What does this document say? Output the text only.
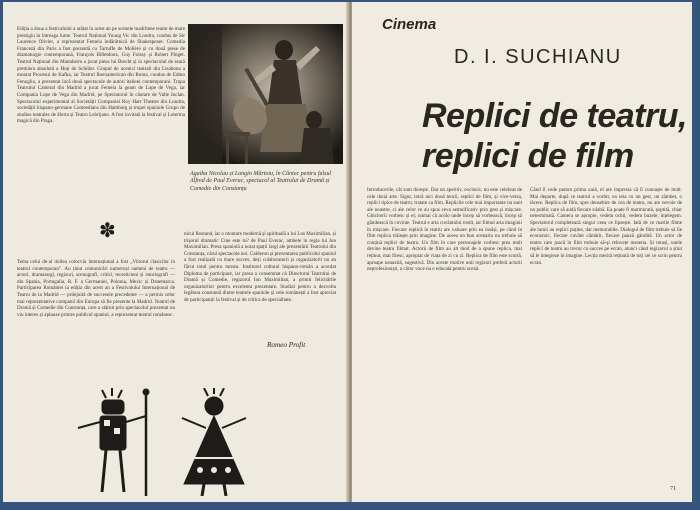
Ediția a doua a festivalului a arătat în acest an pe scenele madrilene teatre de mare prestigiu în întreaga lume. Teatrul Național Young Vic din Londra, condus de Sir Laurence Olivier, a reprezentat Femeia îndărătnică de Shakespeare. Comedia Franceză din Paris a fost prezentă cu Tartuffe de Molière și cu două piese de dramaturgie contemporană, François Billetdoux, Guy Foissy și Robert Pinget. Teatrul Național din Mannheim a jucat piesa lui Brecht și în spectacolul de seară premiera absolută a Hoți de Schiller. Grupul de ucenici teatrali din Lisabona a montat Procesul de Kafka, iar Teatrul Iberoamerican din Roma, condus de Edmo Fenoglio, a prezentat încă două spectacole de autori italieni contemporani. Trupa Teatrului Cameral din Madrid a jucat Femeia la geam de Lope de Vega, iar Compania Lope de Vega din Madrid, pe Spectatorul în căutare de Valle Inclan. Spectacolul experimental al Societății Companiei Roy Hart Theatre din Londra, societății hispano-germane Comeedians din Hamburg și trupei spaniole Grupo de studios teatrales de Horta și Teatro Lebrijano. A fost invitată la festival și Loterma magică din Praga.
Agatha Nicolau și Longin Mărtoiu, în Cântec pentru falsul Alfred de Paul Everac, spectacol al Teatrului de Dramă și Comedie din Constanța
✽
Tema celui de-al doilea colocviu internațional a fost „Viitorul clasicilor în teatrul contemporan". Au ținut comunicări numeroși oameni de teatru — actori, dramaturgi, regizori, scenografi, critici, teoreticieni și istoriografi — din Spania, Portugalia, R. F. a Germaniei, Polonia, Mexic și Danemarca. Participarea României la ediția din acest an a Festivalului Internațional de Teatru de la Madrid — prilejuită de succesele precedente — a permis celor mai reprezentative companii din Europa să fie prezente la Madrid. Teatrul de Dramă și Comedie din Constanța, care a stârnit prin spectacolul prezentat un viu interes și aplauze printre publicul spaniol, a reprezentat teatrul românesc.
nicul Rostand, iar o montare modernă și spirituală a lui Los Maximilian, și trișorul dramatic Cine este tu? de Paul Everac, ambele în regia lui Ion Maximilian. Presa spaniolă a notat spații largi ale prezentării Teatrului din Constanța, cărui spectacole noi. Calderon și prezentarea publicului spaniol a fost realizată cu mare succes, deși colaboratorii și organizatorii nu au făcut totul pentru turneu. Institutul cultural hispano-român a acordat Diploma de participare, iar presa a consemnat că Directorul Teatrului de Dramă și Comedie, regizorul Ion Maximilian, a primit felicitările organizatorilor pentru excelenta prezentare. Studiul pentru a dezvolta legătura constantă dintre teatrele spaniole și cele românești a fost apreciat de participanții la festival și de critica de specialitate.
Romeo Profit
Cinema
D. I. SUCHIANU
Replici de teatru,
replici de film
Introducerile, cât sunt dorește. Dar un aperitiv, exclusiv, nu este celebrat de cele două arte. Sigur, intră aici două teorii, replici de film, și vice-versa, replici tipice de teatru, tratate ca film. Replicile cele mai importante nu sunt ale noastre, ci ale celor ce au spus ceva semnificativ prin gest și mișcare. Ghicitorii vorbesc și ei; numai că acolo unde încep să vorbească, încep să gândească în cuvinte. Teatrul e arta cuvântului rostit, iar filmul arta imaginii în mișcare. Fiecare replică în teatru are valoare prin ea însăși, pe când în film replica trăiește prin imagine. De aceea un bun scenariu nu trebuie să conțină replici de teatru. Un film în care personajele vorbesc prea mult devine teatru filmat. Actorii de film au alt mod de a spune replica, mai reținut, mai firesc, apropiat de viața de zi cu zi. Replica de film este scurtă, aproape neauzită, sugestivă. Din aceste motive unii regizori preferă actorii neprofesioniști, a căror voce nu e educată pentru scenă.
Când îl vede pentru prima oară, el are impresia că îl cunoaște de mult. Mai departe, după ce teatrul a vorbit, ea reia cu un gest, un zâmbet, o tăcere. Replica de film, spre deosebire de cea de teatru, nu are nevoie de un public care să audă fiecare silabă. Ea poate fi murmurată, șoptită, chiar neterminată. Camera se apropie, vedem ochii, vedem buzele, înțelegem. Spectatorul completează singur ceea ce lipsește. Iată de ce marile filme ale lumii au replici puține, dar memorabile. Dialogul de film trebuie să fie economic, fiecare cuvânt cântărit, fiecare pauză gândită. Un actor de teatru care joacă în film trebuie să-și reînvețe meseria. Și totuși, unele replici de teatru au trecut cu succes pe ecran, atunci când regizorul a știut să le integreze în imagine. Lecția merită reținută de toți cei ce scriu pentru ecran.
71
